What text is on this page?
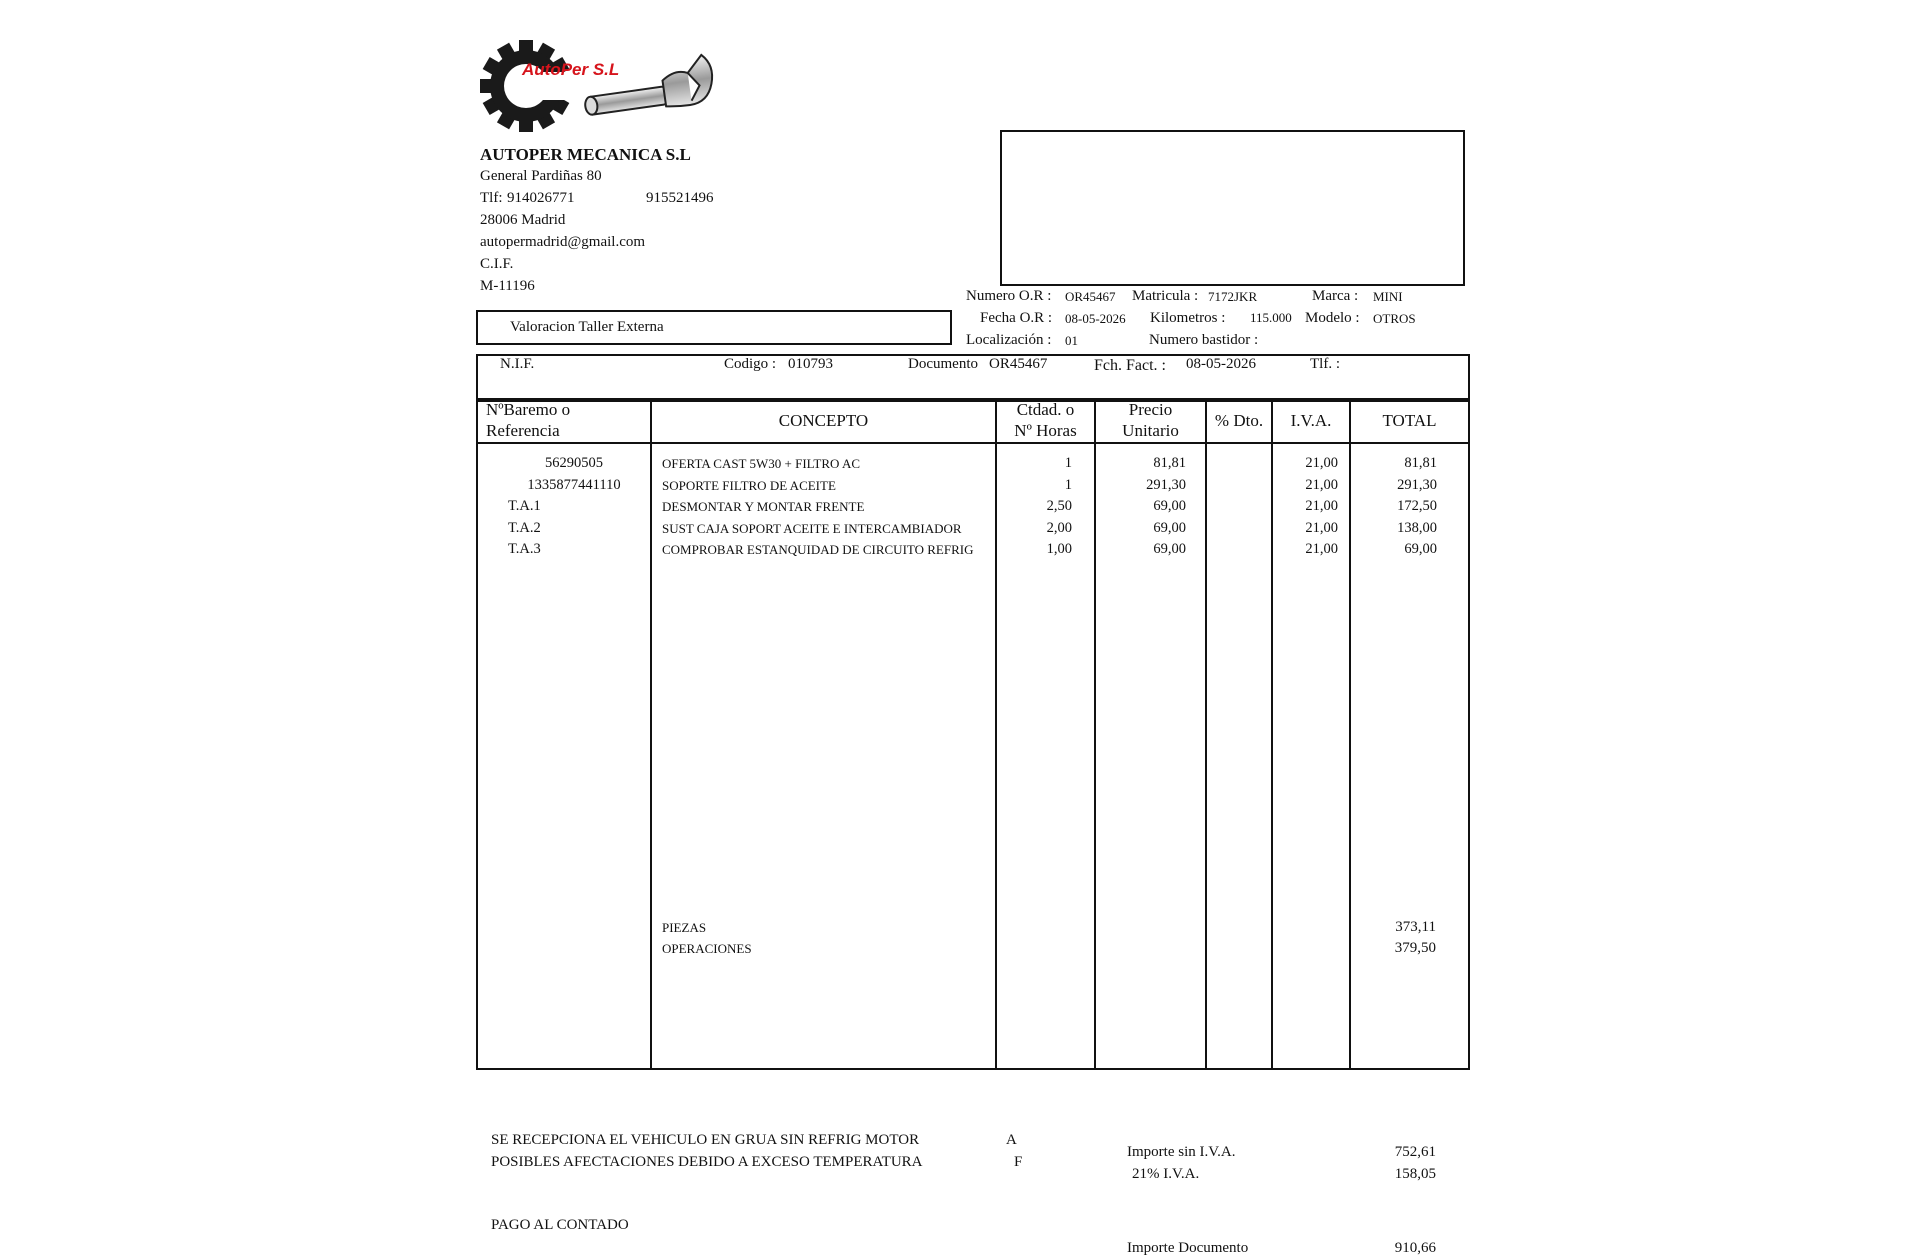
AutoPer S.L
AUTOPER MECANICA S.L
General Pardiñas 80
Tlf: 914026771	915521496
28006 Madrid
autopermadrid@gmail.com
C.I.F.
M-11196
Valoracion Taller Externa
Numero O.R : OR45467 Matricula : 7172JKR	Marca : MINI
Fecha O.R : 08-05-2026 Kilometros : 115.000 Modelo : OTROS
Localización : 01	Numero bastidor :
N.I.F.	Codigo : 010793	Documento OR45467	Fch. Fact. : 08-05-2026	Tlf. :
NºBaremo o
Referencia
CONCEPTO
Ctdad. o
Nº Horas
Precio
Unitario
% Dto.	I.V.A.	TOTAL
56290505	OFERTA CAST 5W30 + FILTRO AC	1	81,81	21,00	81,81
1335877441110	SOPORTE FILTRO DE ACEITE	1	291,30	21,00	291,30
T.A.1	DESMONTAR Y MONTAR FRENTE	2,50	69,00	21,00	172,50
T.A.2	SUST CAJA SOPORT ACEITE E INTERCAMBIADOR	2,00	69,00	21,00	138,00
T.A.3	COMPROBAR ESTANQUIDAD DE CIRCUITO REFRIG	1,00	69,00	21,00	69,00
PIEZAS	373,11
OPERACIONES	379,50
SE RECEPCIONA EL VEHICULO EN GRUA SIN REFRIG MOTOR	A
POSIBLES AFECTACIONES DEBIDO A EXCESO TEMPERATURA	F
PAGO AL CONTADO
Importe sin I.V.A.	752,61
21% I.V.A.	158,05
Importe Documento	910,66
